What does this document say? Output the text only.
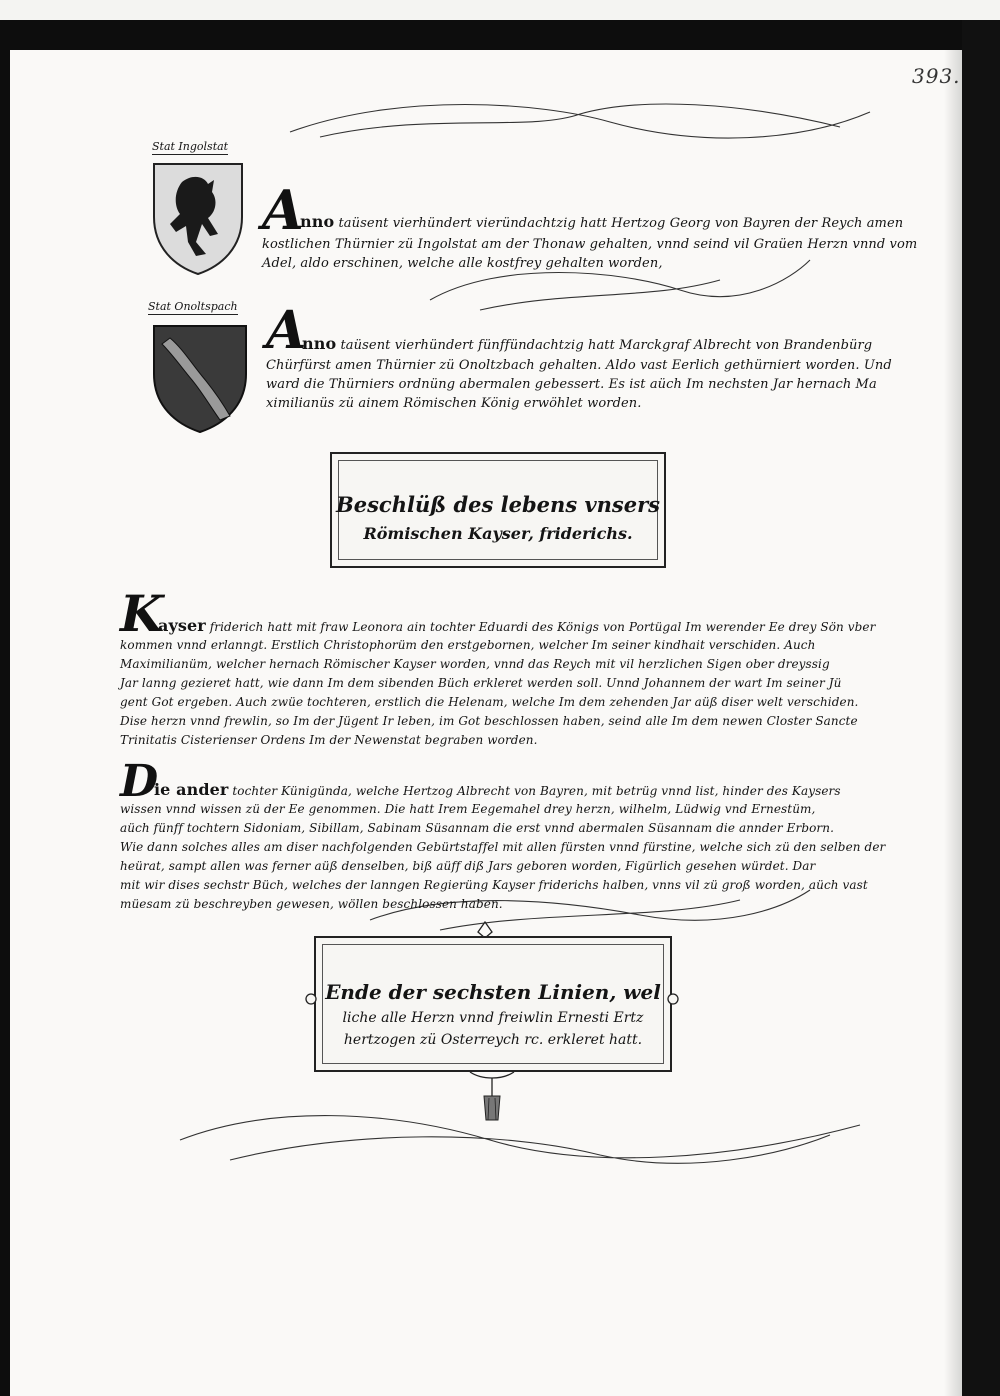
393.
Stat Ingolstat
A
nno taüsent vierhündert vieründachtzig hatt Hertzog Georg von Bayren der Reych amen
kostlichen Thürnier zü Ingolstat am der Thonaw gehalten, vnnd seind vil Graüen Herzn vnnd vom
Adel, aldo erschinen, welche alle kostfrey gehalten worden,
Stat Onoltspach A
nno taüsent vierhündert fünffündachtzig hatt Marckgraf Albrecht von Brandenbürg
Chürfürst amen Thürnier zü Onoltzbach gehalten. Aldo vast Eerlich gethürniert worden. Und
ward die Thürniers ordnüng abermalen gebessert. Es ist aüch Im nechsten Jar hernach Ma
ximilianüs zü ainem Römischen König erwöhlet worden.
Beschlüß des lebens vnsers
Römischen Kayser, friderichs.
K
ayser friderich hatt mit fraw Leonora ain tochter Eduardi des Königs von Portügal Im werender Ee drey Sön vber
kommen vnnd erlanngt. Erstlich Christophorüm den erstgebornen, welcher Im seiner kindhait verschiden. Auch
Maximilianüm, welcher hernach Römischer Kayser worden, vnnd das Reych mit vil herzlichen Sigen ober dreyssig
Jar lanng gezieret hatt, wie dann Im dem sibenden Büch erkleret werden soll. Unnd Johannem der wart Im seiner Jü
gent Got ergeben. Auch zwüe tochteren, erstlich die Helenam, welche Im dem zehenden Jar aüß diser welt verschiden.
Dise herzn vnnd frewlin, so Im der Jügent Ir leben, im Got beschlossen haben, seind alle Im dem newen Closter Sancte
Trinitatis Cisterienser Ordens Im der Newenstat begraben worden.
D
ie ander tochter Künigünda, welche Hertzog Albrecht von Bayren, mit betrüg vnnd list, hinder des Kaysers
wissen vnnd wissen zü der Ee genommen. Die hatt Irem Eegemahel drey herzn, wilhelm, Lüdwig vnd Ernestüm,
aüch fünff tochtern Sidoniam, Sibillam, Sabinam Süsannam die erst vnnd abermalen Süsannam die annder Erborn.
Wie dann solches alles am diser nachfolgenden Gebürtstaffel mit allen fürsten vnnd fürstine, welche sich zü den selben der
heürat, sampt allen was ferner aüß denselben, biß aüff diß Jars geboren worden, Figürlich gesehen würdet. Dar
mit wir dises sechstr Büch, welches der lanngen Regierüng Kayser friderichs halben, vnns vil zü groß worden, aüch vast
müesam zü beschreyben gewesen, wöllen beschlossen haben.
Ende der sechsten Linien, wel
liche alle Herzn vnnd freiwlin Ernesti Ertz
hertzogen zü Osterreych rc. erkleret hatt.
